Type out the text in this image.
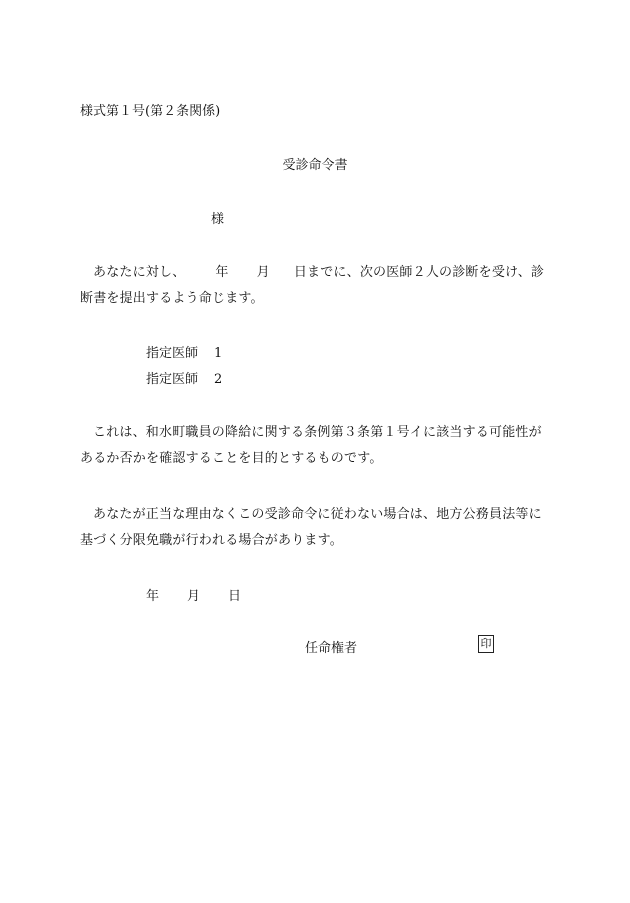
様式第１号(第２条関係)
受診命令書
様
あなたに対し、 年 月 日までに、次の医師２人の診断を受け、診断書を提出するよう命じます。
指定医師 1
指定医師 2
これは、和水町職員の降給に関する条例第３条第１号イに該当する可能性があるか否かを確認することを目的とするものです。
あなたが正当な理由なくこの受診命令に従わない場合は、地方公務員法等に基づく分限免職が行われる場合があります。
年 月 日
任命権者	印
